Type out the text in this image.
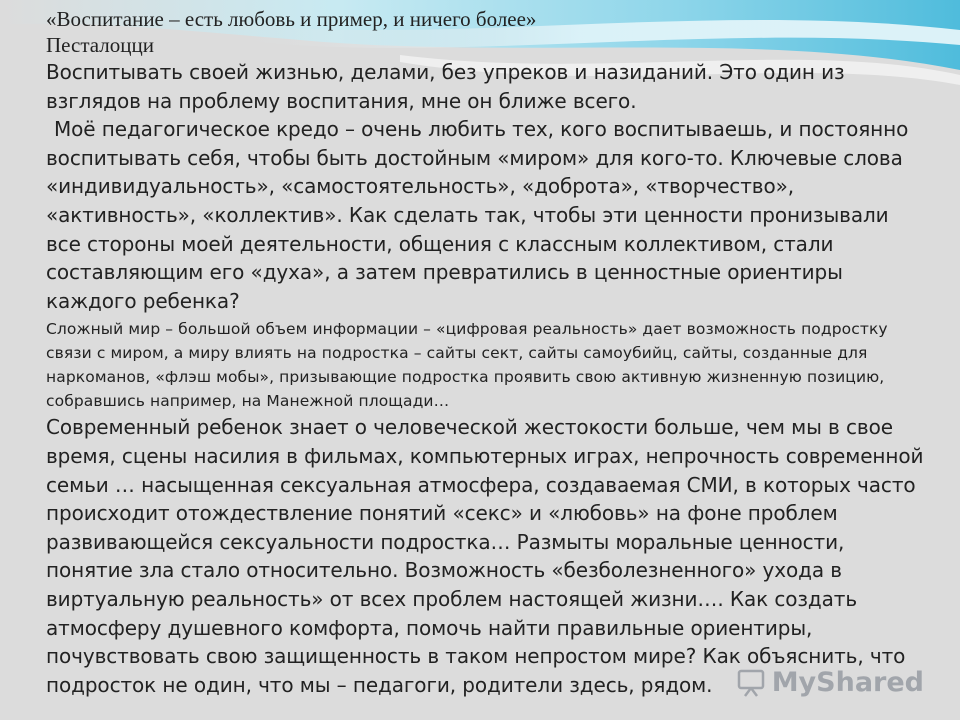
«Воспитание – есть любовь и пример, и ничего более»

Песталоцци

Воспитывать своей жизнью, делами, без упреков и назиданий. Это один из взглядов на проблему воспитания, мне он ближе всего.

Моё педагогическое кредо – очень любить тех, кого воспитываешь, и постоянно воспитывать себя, чтобы быть достойным «миром» для кого-то. Ключевые слова «индивидуальность», «самостоятельность», «доброта», «творчество», «активность», «коллектив». Как сделать так, чтобы эти ценности пронизывали все стороны моей деятельности, общения с классным коллективом, стали составляющим его «духа», а затем превратились в ценностные ориентиры каждого ребенка?

Сложный мир – большой объем информации – «цифровая реальность» дает возможность подростку связи с миром, а миру влиять на подростка – сайты сект, сайты самоубийц, сайты, созданные для наркоманов, «флэш мобы», призывающие подростка проявить свою активную жизненную позицию, собравшись например, на Манежной площади…

Современный ребенок знает о человеческой жестокости больше, чем мы в свое время, сцены насилия в фильмах, компьютерных играх, непрочность современной семьи … насыщенная сексуальная атмосфера, создаваемая СМИ, в которых часто происходит отождествление понятий «секс» и «любовь» на фоне проблем развивающейся сексуальности подростка… Размыты моральные ценности, понятие зла стало относительно. Возможность «безболезненного» ухода в виртуальную реальность» от всех проблем настоящей жизни…. Как создать атмосферу душевного комфорта, помочь найти правильные ориентиры, почувствовать свою защищенность в таком непростом мире? Как объяснить, что подросток не один, что мы – педагоги, родители здесь, рядом.	MyShared
